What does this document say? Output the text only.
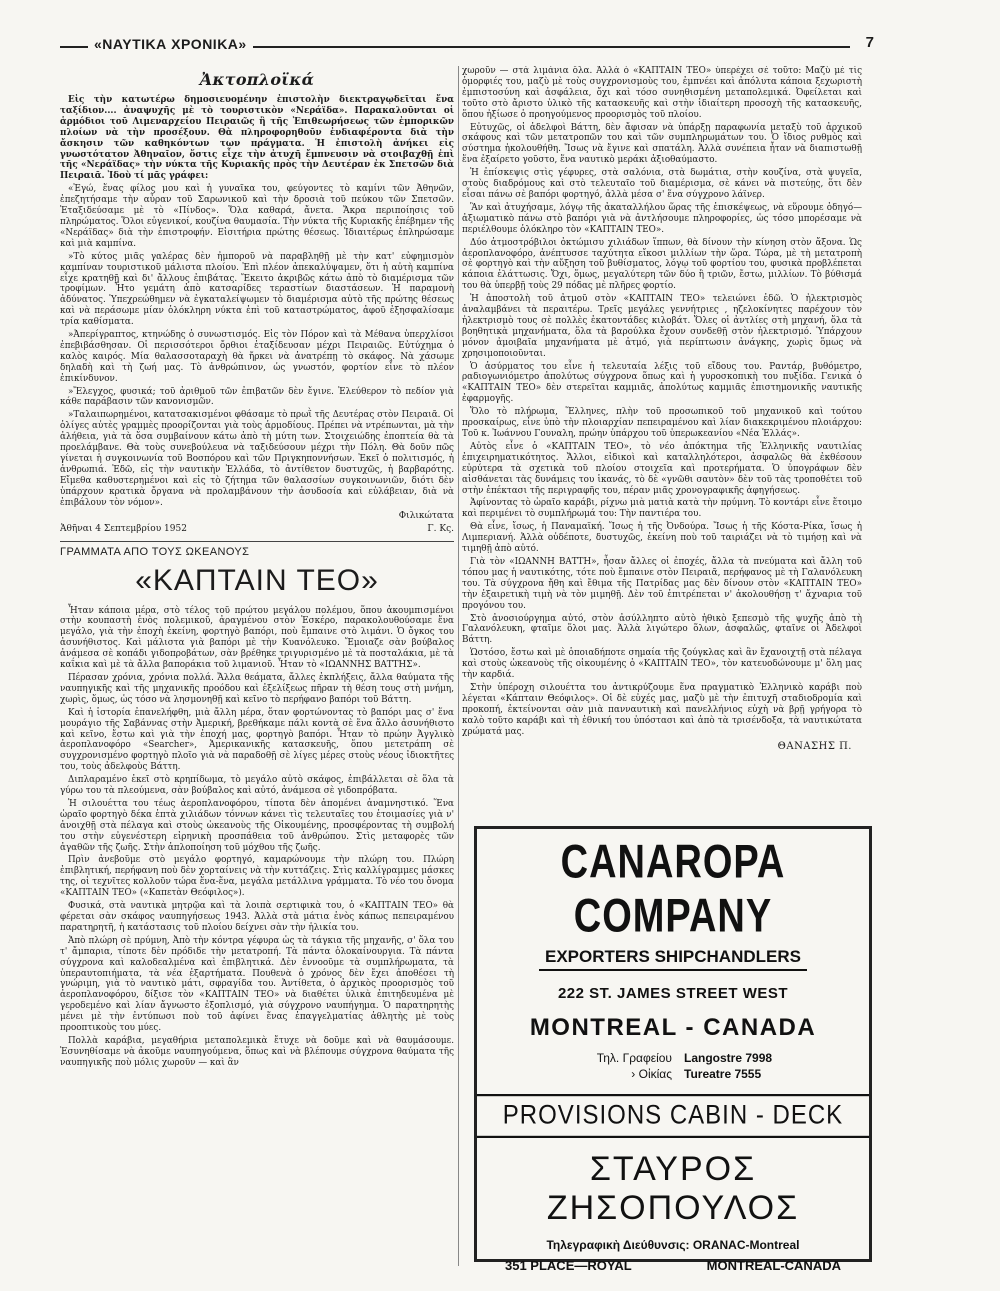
«ΝΑΥΤΙΚΑ ΧΡΟΝΙΚΑ»	7
Ἀκτοπλοϊκά

Εἰς τὴν κατωτέρω δημοσιευομένην ἐπιστολὴν διεκτραγῳδεῖται ἕνα ταξίδιον.... ἀναψυχῆς μὲ τὸ τουριστικὸν «Νεράϊδα». Παρακαλοῦνται οἱ ἁρμόδιοι τοῦ Λιμεναρχείου Πειραιῶς ἢ τῆς Ἐπιθεωρήσεως τῶν ἐμπορικῶν πλοίων νὰ τὴν προσέξουν. Θὰ πληροφορηθοῦν ἐνδιαφέροντα διὰ τὴν ἄσκησιν τῶν καθηκόντων των πράγματα. Ἡ ἐπιστολὴ ἀνήκει εἰς γνωστότατον Ἀθηναῖον, ὅστις εἶχε τὴν ἀτυχῆ ἔμπνευσιν νὰ στοιβαχθῇ ἐπὶ τῆς «Νεράϊδας» τὴν νύκτα τῆς Κυριακῆς πρὸς τὴν Δευτέραν ἐκ Σπετσῶν διὰ Πειραιᾶ. Ἰδοὺ τί μᾶς γράφει:

«Ἐγώ, ἕνας φίλος μου καὶ ἡ γυναῖκα του, φεύγοντες τὸ καμίνι τῶν Ἀθηνῶν, ἐπεζητήσαμε τὴν αὖραν τοῦ Σαρωνικοῦ καὶ τὴν δροσιὰ τοῦ πεύκου τῶν Σπετσῶν. Ἐταξιδεύσαμε μὲ τὸ «Πίνδος». Ὅλα καθαρά, ἄνετα. Ἄκρα περιποίησις τοῦ πληρώματος. Ὅλοι εὐγενικοί, κουζίνα θαυμασία. Τὴν νύκτα τῆς Κυριακῆς ἐπέβημεν τῆς «Νεράϊδας» διὰ τὴν ἐπιστροφήν. Εἰσιτήρια πρώτης θέσεως. Ἰδιαιτέρως ἐπληρώσαμε καὶ μιὰ καμπίνα.

»Τὸ κύτος μιᾶς γαλέρας δὲν ἠμποροῦ νὰ παραβληθῇ μὲ τὴν κατ' εὐφημισμὸν καμπίναν τουριστικοῦ μάλιστα πλοίου. Ἐπὶ πλέον ἀπεκαλύψαμεν, ὅτι ἡ αὐτὴ καμπίνα εἶχε κρατηθῇ καὶ δι' ἄλλους ἐπιβάτας. Ἔκειτο ἀκριβῶς κάτω ἀπὸ τὸ διαμέρισμα τῶν τροφίμων. Ἦτο γεμάτη ἀπὸ κατσαρίδες τεραστίων διαστάσεων. Ἡ παραμονὴ ἀδύνατος. Ὑπεχρεώθημεν νὰ ἐγκαταλείψωμεν τὸ διαμέρισμα αὐτὸ τῆς πρώτης θέσεως καὶ νὰ περάσωμε μίαν ὁλόκληρη νύκτα ἐπὶ τοῦ καταστρώματος, ἀφοῦ ἐξησφαλίσαμε τρία καθίσματα.

»Ἀπερίγραπτος, κτηνώδης ὁ συνωστισμός. Εἰς τὸν Πόρον καὶ τὰ Μέθανα ὑπερχλίσοι ἐπεβιβάσθησαν. Οἱ περισσότεροι ὄρθιοι ἐταξίδευσαν μέχρι Πειραιῶς. Εὐτύχημα ὁ καλὸς καιρός. Μία θαλασσοταραχὴ θὰ ἤρκει νὰ ἀνατρέπῃ τὸ σκάφος. Νὰ χάσωμε δηλαδὴ καὶ τὴ ζωή μας. Τὸ ἀνθρώπινον, ὡς γνωστόν, φορτίον εἶνε τὸ πλέον ἐπικίνδυνον.

»Ἔλεγχος, φυσικά; τοῦ ἀριθμοῦ τῶν ἐπιβατῶν δὲν ἔγινε. Ἐλεύθερον τὸ πεδίον γιὰ κάθε παράβασιν τῶν κανονισμῶν.

»Ταλαιπωρημένοι, κατατσακισμένοι φθάσαμε τὸ πρωῒ τῆς Δευτέρας στὸν Πειραιᾶ. Οἱ ὀλίγες αὐτὲς γραμμὲς προορίζονται γιὰ τοὺς ἁρμοδίους. Πρέπει νὰ ντρέπωνται, μὰ τὴν ἀλήθεια, γιὰ τὰ ὅσα συμβαίνουν κάτω ἀπὸ τὴ μύτη των. Στοιχειώδης ἐποπτεία θὰ τὰ προελάμβανε. Θὰ τοὺς συνεβούλευα νὰ ταξιδεύσουν μέχρι τὴν Πόλη. Θὰ δοῦν πῶς γίνεται ἡ συγκοινωνία τοῦ Βοσπόρου καὶ τῶν Πριγκηποννήσων. Ἐκεῖ ὁ πολιτισμός, ἡ ἀνθρωπιά. Ἐδῶ, εἰς τὴν ναυτικὴν Ἑλλάδα, τὸ ἀντίθετον δυστυχῶς, ἡ βαρβαρότης. Εἴμεθα καθυστερημένοι καὶ εἰς τὸ ζήτημα τῶν θαλασσίων συγκοινωνιῶν, διότι δὲν ὑπάρχουν κρατικὰ ὄργανα νὰ προλαμβάνουν τὴν ἀσυδοσία καὶ εὐλάβειαν, διὰ νὰ ἐπιβάλουν τὸν νόμον».

Φιλικώτατα
Ἀθῆναι 4 Σεπτεμβρίου 1952	Γ. Κς.
ΓΡΑΜΜΑΤΑ ΑΠΟ ΤΟΥΣ ΩΚΕΑΝΟΥΣ
«ΚΑΠΤΑΙΝ ΤΕΟ»

Ἦταν κάποια μέρα, στὸ τέλος τοῦ πρώτου μεγάλου πολέμου, ὅπου ἀκουμπισμένοι στὴν κουπαστὴ ἐνὸς πολεμικοῦ, ἀραγμένου στὸν Ἐσκέρο, παρακολουθούσαμε ἕνα μεγάλο, γιὰ τὴν ἐποχὴ ἐκείνη, φορτηγὸ βαπόρι, ποὺ ἔμπαινε στὸ λιμάνι. Ὁ ὄγκος του ἀσυνήθιστος. Καὶ μάλιστα γιὰ βαπόρι μὲ τὴν Κυανόλευκο. Ἔμοιαζε σὰν βούβαλος ἀνάμεσα σὲ κοπάδι γιδοπροβάτων, σὰν βρέθηκε τριγυρισμένο μὲ τὰ ποσταλάκια, μὲ τὰ καΐκια καὶ μὲ τὰ ἄλλα βαποράκια τοῦ λιμανιοῦ. Ἦταν τὸ «ΙΩΑΝΝΗΣ ΒΑΤΤΗΣ».

Πέρασαν χρόνια, χρόνια πολλά. Ἄλλα θεάματα, ἄλλες ἐκπλήξεις, ἄλλα θαύματα τῆς ναυπηγικῆς καὶ τῆς μηχανικῆς προόδου καὶ ἐξελίξεως πῆραν τὴ θέση τους στὴ μνήμη, χωρὶς, ὅμως, ὡς τόσο νὰ λησμονηθῇ καὶ κεῖνο τὸ περήφανο βαπόρι τοῦ Βάττη.

Καὶ ἡ ἱστορία ἐπανελήφθη, μιὰ ἄλλη μέρα, ὅταν φορτώνοντας τὸ βαπόρι μας σ' ἕνα μουράγιο τῆς Σαβάννας στὴν Ἀμερική, βρεθήκαμε πάλι κοντὰ σὲ ἕνα ἄλλο ἀσυνήθιστο καὶ κεῖνο, ἔστω καὶ γιὰ τὴν ἐποχή μας, φορτηγὸ βαπόρι. Ἦταν τὸ πρώην Ἀγγλικὸ ἀεροπλανοφόρο «Searcher», Ἀμερικανικῆς κατασκευῆς, ὅπου μετετράπη σὲ συγχρονισμένο φορτηγὸ πλοῖο γιὰ νὰ παραδοθῇ σὲ λίγες μέρες στοὺς νέους ἰδιοκτῆτες του, τοὺς ἀδελφοὺς Βάττη.

Διπλαραμένο ἐκεῖ στὸ κρηπίδωμα, τὸ μεγάλο αὐτὸ σκάφος, ἐπιβάλλεται σὲ ὅλα τὰ γύρω του τὰ πλεούμενα, σὰν βούβαλος καὶ αὐτό, ἀνάμεσα σὲ γιδοπρόβατα.

Ἡ σιλουέττα του τέως ἀεροπλανοφόρου, τίποτα δὲν ἀπομένει ἀναμνηστικό. Ἕνα ὡραῖο φορτηγὸ δέκα ἑπτὰ χιλιάδων τόννων κάνει τὶς τελευταῖες του ἑτοιμασίες γιὰ ν' ἀνοιχθῇ στὰ πέλαγα καὶ στοὺς ὠκεανοὺς τῆς Οἰκουμένης, προσφέροντας τὴ συμβολή του στὴν εὐγενέστερη εἰρηνικὴ προσπάθεια τοῦ ἀνθρώπου. Στὶς μεταφορὲς τῶν ἀγαθῶν τῆς ζωῆς. Στὴν ἀπλοποίηση τοῦ μόχθου τῆς ζωῆς.

Πρὶν ἀνεβοῦμε στὸ μεγάλο φορτηγό, καμαρώνουμε τὴν πλώρη του. Πλώρη ἐπιβλητική, περήφανη ποὺ δὲν χορταίνεις νὰ τὴν κυττάζεις. Στὶς καλλίγραμμες μάσκες της, οἱ τεχνῖτες κολλοῦν τώρα ἕνα-ἕνα, μεγάλα μετάλλινα γράμματα. Τὸ νέο του ὄνομα «ΚΑΠΤΑΙΝ ΤΕΟ» («Καπετὰν Θεόφιλος»).

Φυσικά, στὰ ναυτικὰ μητρῷα καὶ τὰ λοιπὰ σερτιφικὰ του, ὁ «ΚΑΠΤΑΙΝ ΤΕΟ» θὰ φέρεται σὰν σκάφος ναυπηγήσεως 1943. Ἀλλὰ στὰ μάτια ἑνὸς κάπως πεπειραμένου παρατηρητῆ, ἡ κατάστασις τοῦ πλοίου δείχνει σὰν τὴν ἡλικία του.

Ἀπὸ πλώρη σὲ πρύμνη, Ἀπὸ τὴν κόντρα γέφυρα ὡς τὰ τάγκια τῆς μηχανῆς, σ' ὅλα του τ' ἄμπαρια, τίποτε δὲν πρόδιδε τὴν μετατροπή. Τὰ πάντα ὁλοκαίνουργια. Τὰ πάντα σύγχρονα καὶ καλοδεαλμένα καὶ ἐπιβλητικά. Δὲν ἐννοοῦμε τὰ συμπλήρωματα, τὰ ὑπεραυτοπιήματα, τὰ νέα ἐξαρτήματα. Πουθενὰ ὁ χρόνος δὲν ἔχει ἀποθέσει τὴ γνώριμη, γιὰ τὸ ναυτικὸ μάτι, σφραγίδα του. Ἀντίθετα, ὁ ἀρχικὸς προορισμὸς τοῦ ἀεροπλανοφόρου, δίξισε τὸν «ΚΑΠΤΑΙΝ ΤΕΟ» νὰ διαθέτει ὑλικὰ ἐπιτηδευμένα μὲ γεροδεμένο καὶ λίαν ἄγνωστο ἐξοπλισμό, γιὰ σύγχρονο ναυπήγημα. Ὁ παρατηρητὴς μένει μὲ τὴν ἐντύπωσι ποὺ τοῦ ἀφίνει ἕνας ἐπαγγελματίας ἀθλητὴς μὲ τοὺς προοπτικοὺς του μύες.

Πολλὰ καράβια, μεγαθήρια μεταπολεμικὰ ἔτυχε νὰ δοῦμε καὶ νὰ θαυμάσουμε. Ἐσυνηθίσαμε νὰ ἀκοῦμε ναυπηγούμενα, ὅπως καὶ νὰ βλέπουμε σύγχρονα θαύματα τῆς ναυπηγικῆς ποὺ μόλις χωροῦν — καὶ ἂν

χωροῦν — στὰ λιμάνια ὅλα. Ἀλλὰ ὁ «ΚΑΠΤΑΙΝ ΤΕΟ» ὑπερέχει σὲ τοῦτο: Μαζὺ μὲ τὶς ὀμορφιές του, μαζὺ μὲ τοὺς συγχρονισμοὺς του, ἐμπνέει καὶ ἀπόλυτα κάποια ξεχωριστὴ ἐμπιστοσύνη καὶ ἀσφάλεια, ὄχι καὶ τόσο συνηθισμένη μεταπολεμικά. Ὀφείλεται καὶ τοῦτο στὸ ἄριστο ὑλικὸ τῆς κατασκευῆς καὶ στὴν ἰδιαίτερη προσοχὴ τῆς κατασκευῆς, ὅπου ἠξίωσε ὁ προηγούμενος προορισμὸς τοῦ πλοίου.

Εὐτυχῶς, οἱ ἀδελφοὶ Βάττη, δὲν ἄφισαν νὰ ὑπάρξῃ παραφωνία μεταξὺ τοῦ ἀρχικοῦ σκάφους καὶ τῶν μετατροπῶν του καὶ τῶν συμπληρωμάτων του. Ὁ ἴδιος ρυθμὸς καὶ σύστημα ἠκολουθήθη. Ἴσως νὰ ἔγινε καὶ σπατάλη. Ἀλλὰ συνέπεια ἦταν νὰ διαπιστωθῇ ἕνα ἐξαίρετο γοῦστο, ἕνα ναυτικὸ μεράκι ἀξιοθαύμαστο.

Ἡ ἐπίσκεψις στὶς γέφυρες, στὰ σαλόνια, στὰ δωμάτια, στὴν κουζίνα, στὰ ψυγεῖα, στοὺς διαδρόμους καὶ στὸ τελευταῖο τοῦ διαμέρισμα, σὲ κάνει νὰ πιστεύῃς, ὅτι δὲν εἶσαι πάνω σὲ βαπόρι φορτηγό, ἀλλὰ μέσα σ' ἕνα σύγχρονο λάϊνερ.

Ἂν καὶ ἀτυχήσαμε, λόγῳ τῆς ἀκαταλλήλου ὥρας τῆς ἐπισκέψεως, νὰ εὕρουμε ὁδηγό—ἀξιωματικὸ πάνω στὸ βαπόρι γιὰ νὰ ἀντλήσουμε πληροφορίες, ὡς τόσο μπορέσαμε νὰ περιέλθουμε ὁλόκληρο τὸν «ΚΑΠΤΑΙΝ ΤΕΟ».

Δύο ἀτμοστρόβιλοι ὀκτώμισυ χιλιάδων ἵππων, θὰ δίνουν τὴν κίνηση στὸν ἄξονα. Ὡς ἀεροπλανοφόρο, ἀνέπτυσσε ταχύτητα εἴκοσι μιλλίων τὴν ὥρα. Τώρα, μὲ τὴ μετατροπὴ σὲ φορτηγὸ καὶ τὴν αὔξηση τοῦ βυθίσματος, λόγῳ τοῦ φορτίου του, φυσικὰ προβλέπεται κάποια ἐλάττωσις. Ὄχι, ὅμως, μεγαλύτερη τῶν δύο ἢ τριῶν, ἔστω, μιλλίων. Τὸ βύθισμά του θὰ ὑπερβῇ τοὺς 29 πόδας μὲ πλῆρες φορτίο.

Ἡ ἀποστολὴ τοῦ ἀτμοῦ στὸν «ΚΑΠΤΑΙΝ ΤΕΟ» τελειώνει ἐδῶ. Ὁ ἠλεκτρισμὸς ἀναλαμβάνει τὰ περαιτέρω. Τρεῖς μεγάλες γεννήτριες ‚ ηζελοκίνητες παρέχουν τὸν ἠλεκτρισμὸ τους σὲ πολλὲς ἑκατοντάδες κιλοβάτ. Ὅλες οἱ ἀντλίες στὴ μηχανή, ὅλα τὰ βοηθητικὰ μηχανήματα, ὅλα τὰ βαρούλκα ἔχουν συνδεθῇ στὸν ἠλεκτρισμό. Ὑπάρχουν μόνον ἀμοιβαῖα μηχανήματα μὲ ἀτμό, γιὰ περίπτωσιν ἀνάγκης, χωρὶς ὅμως νὰ χρησιμοποιοῦνται.

Ὁ ἀσύρματος του εἶνε ἡ τελευταία λέξις τοῦ εἴδους του. Ραντάρ, βυθόμετρο, ραδιογωνιόμετρο ἀπολύτως σύγχρονα ὅπως καὶ ἡ γυροσκοπικὴ του πυξίδα. Γενικὰ ὁ «ΚΑΠΤΑΙΝ ΤΕΟ» δὲν στερεῖται καμμιᾶς, ἀπολύτως καμμιᾶς ἐπιστημονικῆς ναυτικῆς ἐφαρμογῆς.

Ὅλο τὸ πλήρωμα, Ἕλληνες, πλὴν τοῦ προσωπικοῦ τοῦ μηχανικοῦ καὶ τούτου προσκαίρως, εἶνε ὑπὸ τὴν πλοιαρχίαν πεπειραμένου καὶ λίαν διακεκριμένου πλοιάρχου: Τοῦ κ. Ἰωάννου Γουναλη, πρώην ὑπάρχου τοῦ ὑπερωκεανίου «Νέα Ἑλλάς».

Αὐτὸς εἶνε ὁ «ΚΑΠΤΑΙΝ ΤΕΟ», τὸ νέο ἀπόκτημα τῆς Ἑλληνικῆς ναυτιλίας ἐπιχειρηματικότητος. Ἄλλοι, εἰδικοὶ καὶ καταλληλότεροι, ἀσφαλῶς θὰ ἐκθέσουν εὐρύτερα τὰ σχετικὰ τοῦ πλοίου στοιχεῖα καὶ προτερήματα. Ὁ ὑπογράφων δὲν αἰσθάνεται τὰς δυνάμεις του ἱκανάς, τὸ δὲ «γνῶθι σαυτὸν» δὲν τοῦ τὰς τροποθέτει τοῦ στὴν ἐπέκτασι τῆς περιγραφῆς του, πέραν μιᾶς χρονογραφικῆς ἀφηγήσεως.

Ἀφίνοντας τὸ ὡραῖο καράβι, ρίχνω μιὰ ματιὰ κατὰ τὴν πρύμνη. Τὸ κοντάρι εἶνε ἕτοιμο καὶ περιμένει τὸ συμπλήρωμά του: Τὴν παντιέρα του.

Θὰ εἶνε, ἴσως, ἡ Παναμαϊκή. Ἴσως ἡ τῆς Ὀνδούρα. Ἴσως ἡ τῆς Κόστα-Ρίκα, ἴσως ἡ Λιμπεριανή. Ἀλλὰ οὐδέποτε, δυστυχῶς, ἐκείνη ποὺ τοῦ ταιριάζει νὰ τὸ τιμήσῃ καὶ νὰ τιμηθῇ ἀπὸ αὐτό.

Γιὰ τὸν «ΙΩΑΝΝΗ ΒΑΤΤΗ», ἦσαν ἄλλες οἱ ἐποχές, ἄλλα τὰ πνεύματα καὶ ἄλλη τοῦ τόπου μας ἡ ναυτικότης, τότε ποὺ ἔμπαινε στὸν Πειραιᾶ, περήφανος μὲ τὴ Γαλανόλευκη του. Τὰ σύγχρονα ἤθη καὶ ἔθιμα τῆς Πατρίδας μας δὲν δίνουν στὸν «ΚΑΠΤΑΙΝ ΤΕΟ» τὴν ἐξαιρετικὴ τιμὴ νὰ τὸν μιμηθῇ. Δὲν τοῦ ἐπιτρέπεται ν' ἀκολουθήσῃ τ' ἄχναρια τοῦ προγόνου του.

Στὸ ἀνοσιούργημα αὐτό, στὸν ἀσύλληπτο αὐτὸ ἠθικὸ ξεπεσμὸ τῆς ψυχῆς ἀπὸ τὴ Γαλανόλευκη, φταῖμε ὅλοι μας. Ἀλλὰ λιγώτερο ὅλων, ἀσφαλῶς, φταῖνε οἱ Ἀδελφοὶ Βάττη.

Ὡστόσο, ἔστω καὶ μὲ ὁποιαδήποτε σημαία τῆς ζούγκλας καὶ ἂν ἔχανοιχτῇ στὰ πέλαγα καὶ στοὺς ὠκεανοὺς τῆς οἰκουμένης ὁ «ΚΑΠΤΑΙΝ ΤΕΟ», τὸν κατευοδώνουμε μ' ὅλη μας τὴν καρδιά.

Στὴν ὑπέροχη σιλουέττα του ἀντικρύζουμε ἕνα πραγματικὸ Ἑλληνικὸ καράβι ποὺ λέγεται «Κάπταιν Θεόφιλος». Οἱ δὲ εὐχές μας, μαζὺ μὲ τὴν ἐπιτυχῆ σταδιοδρομία καὶ προκοπή, ἐκτείνονται σὰν μιὰ πανναυτικὴ καὶ πανελλήνιος εὐχὴ νὰ βρῇ γρήγορα τὸ καλὸ τοῦτο καράβι καὶ τὴ ἐθνική του ὑπόστασι καὶ ἀπὸ τὰ τρισένδοξα, τὰ ναυτικώτατα χρώματά μας.

ΘΑΝΑΣΗΣ Π.
CANAROPA COMPANY
EXPORTERS SHIPCHANDLERS
222 ST. JAMES STREET WEST
MONTREAL - CANADA
Τηλ. Γραφείου Langostre 7998
› Οἰκίας Tureatre 7555
PROVISIONS CABIN - DECK
ΣΤΑΥΡΟΣ ΖΗΣΟΠΟΥΛΟΣ
Τηλεγραφικὴ Διεύθυνσις: ORANAC-Montreal
351 PLACE—ROYAL	MONTREAL-CANADA
